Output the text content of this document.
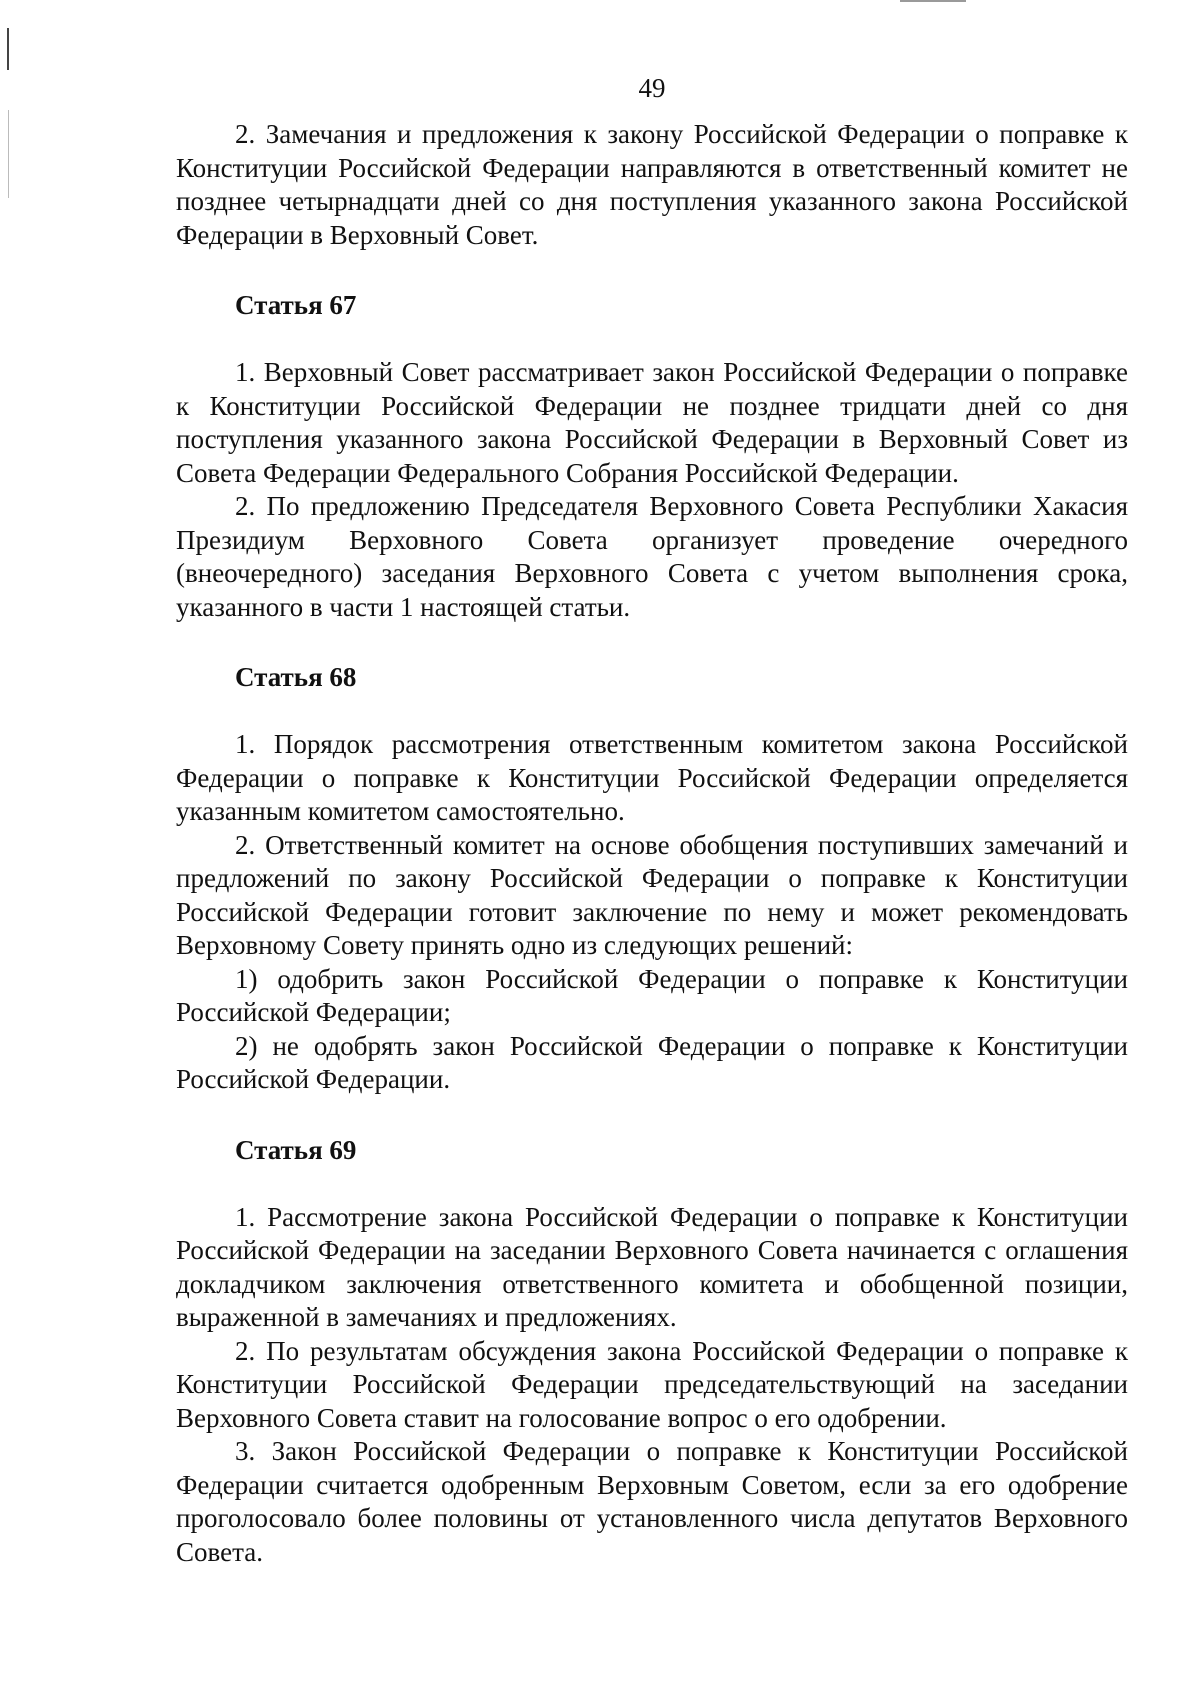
49

2. Замечания и предложения к закону Российской Федерации о поправке к Конституции Российской Федерации направляются в ответственный комитет не позднее четырнадцати дней со дня поступления указанного закона Российской Федерации в Верховный Совет.

Статья 67

1. Верховный Совет рассматривает закон Российской Федерации о поправке к Конституции Российской Федерации не позднее тридцати дней со дня поступления указанного закона Российской Федерации в Верховный Совет из Совета Федерации Федерального Собрания Российской Федерации.

2. По предложению Председателя Верховного Совета Республики Хакасия Президиум Верховного Совета организует проведение очередного (внеочередного) заседания Верховного Совета с учетом выполнения срока, указанного в части 1 настоящей статьи.

Статья 68

1. Порядок рассмотрения ответственным комитетом закона Российской Федерации о поправке к Конституции Российской Федерации определяется указанным комитетом самостоятельно.

2. Ответственный комитет на основе обобщения поступивших замечаний и предложений по закону Российской Федерации о поправке к Конституции Российской Федерации готовит заключение по нему и может рекомендовать Верховному Совету принять одно из следующих решений:

1) одобрить закон Российской Федерации о поправке к Конституции Российской Федерации;

2) не одобрять закон Российской Федерации о поправке к Конституции Российской Федерации.

Статья 69

1. Рассмотрение закона Российской Федерации о поправке к Конституции Российской Федерации на заседании Верховного Совета начинается с оглашения докладчиком заключения ответственного комитета и обобщенной позиции, выраженной в замечаниях и предложениях.

2. По результатам обсуждения закона Российской Федерации о поправке к Конституции Российской Федерации председательствующий на заседании Верховного Совета ставит на голосование вопрос о его одобрении.

3. Закон Российской Федерации о поправке к Конституции Российской Федерации считается одобренным Верховным Советом, если за его одобрение проголосовало более половины от установленного числа депутатов Верховного Совета.
